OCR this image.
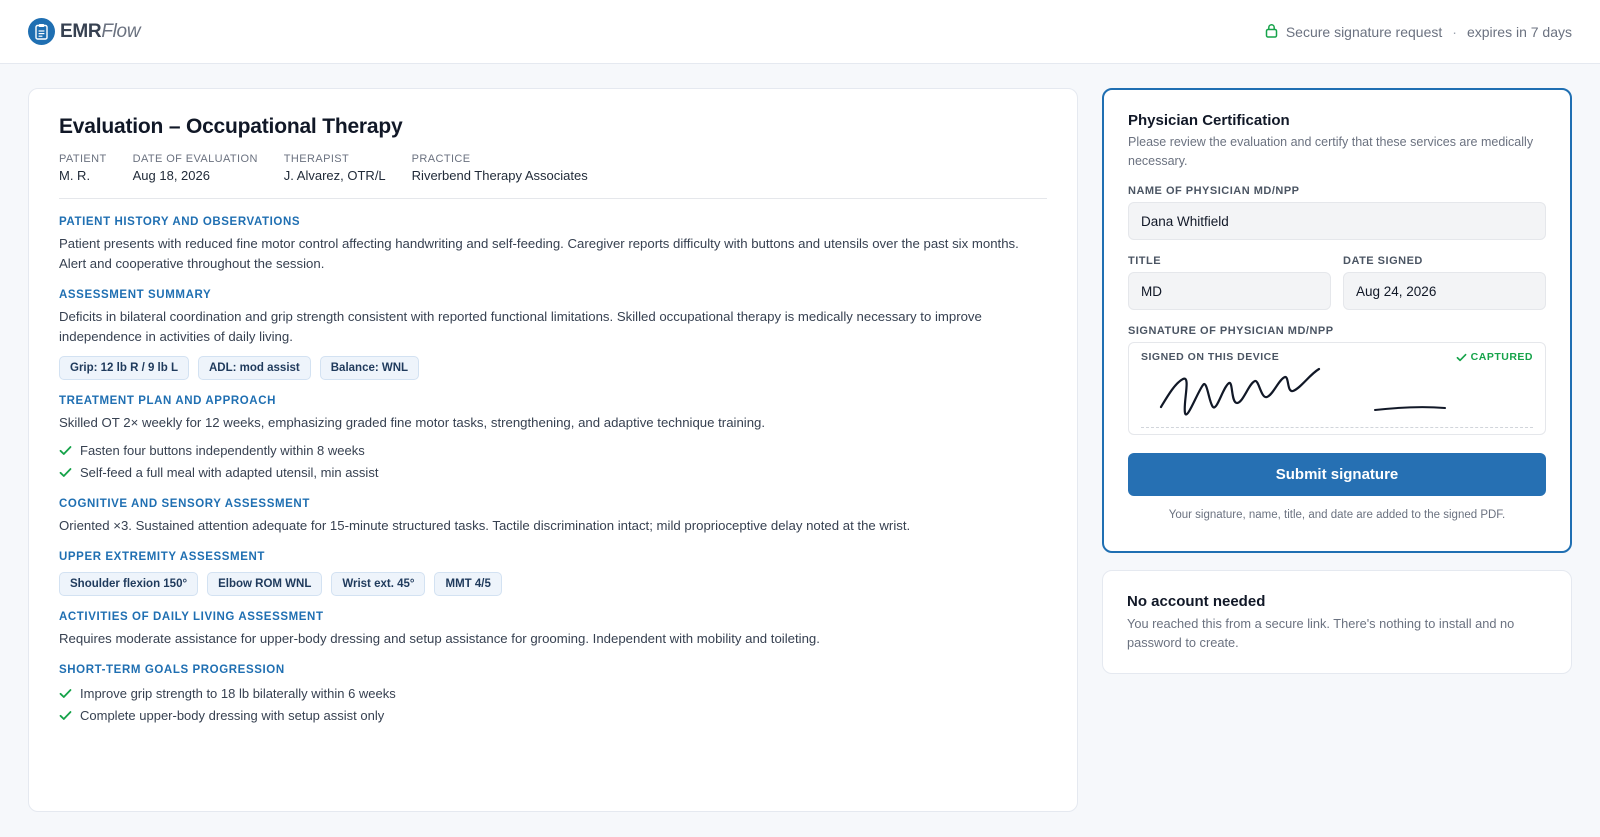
EMRFlow	Secure signature request · expires in 7 days
Evaluation – Occupational Therapy
PATIENT
M. R.
DATE OF EVALUATION
Aug 18, 2026
THERAPIST
J. Alvarez, OTR/L
PRACTICE
Riverbend Therapy Associates
PATIENT HISTORY AND OBSERVATIONS
Patient presents with reduced fine motor control affecting handwriting and self-feeding. Caregiver reports difficulty with buttons and utensils over the past six months. Alert and cooperative throughout the session.
ASSESSMENT SUMMARY
Deficits in bilateral coordination and grip strength consistent with reported functional limitations. Skilled occupational therapy is medically necessary to improve independence in activities of daily living.
Grip: 12 lb R / 9 lb L	ADL: mod assist	Balance: WNL
TREATMENT PLAN AND APPROACH
Skilled OT 2× weekly for 12 weeks, emphasizing graded fine motor tasks, strengthening, and adaptive technique training.
Fasten four buttons independently within 8 weeks
Self-feed a full meal with adapted utensil, min assist
COGNITIVE AND SENSORY ASSESSMENT
Oriented ×3. Sustained attention adequate for 15-minute structured tasks. Tactile discrimination intact; mild proprioceptive delay noted at the wrist.
UPPER EXTREMITY ASSESSMENT
Shoulder flexion 150°	Elbow ROM WNL	Wrist ext. 45°	MMT 4/5
ACTIVITIES OF DAILY LIVING ASSESSMENT
Requires moderate assistance for upper-body dressing and setup assistance for grooming. Independent with mobility and toileting.
SHORT-TERM GOALS PROGRESSION
Improve grip strength to 18 lb bilaterally within 6 weeks
Complete upper-body dressing with setup assist only
Physician Certification
Please review the evaluation and certify that these services are medically necessary.
NAME OF PHYSICIAN MD/NPP
Dana Whitfield
TITLE
MD
DATE SIGNED
Aug 24, 2026
SIGNATURE OF PHYSICIAN MD/NPP
SIGNED ON THIS DEVICE	CAPTURED
Submit signature
Your signature, name, title, and date are added to the signed PDF.
No account needed
You reached this from a secure link. There's nothing to install and no password to create.
